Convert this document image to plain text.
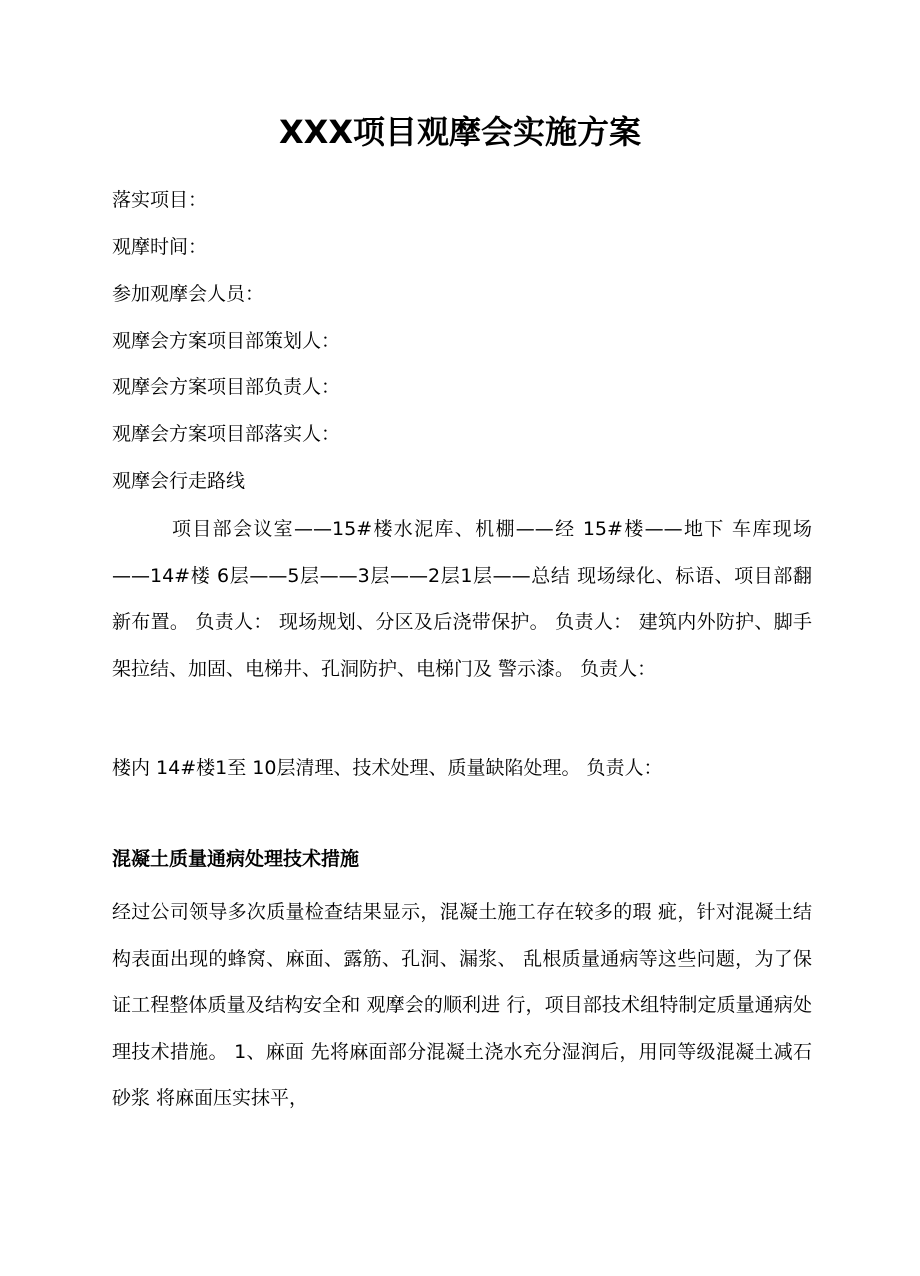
XXX项目观摩会实施方案
落实项目：
观摩时间：
参加观摩会人员：
观摩会方案项目部策划人：
观摩会方案项目部负责人：
观摩会方案项目部落实人：
观摩会行走路线
项目部会议室——15#楼水泥库、机棚——经 15#楼——地下 车库现场——14#楼 6层——5层——3层——2层1层——总结 现场绿化、标语、项目部翻新布置。 负责人： 现场规划、分区及后浇带保护。 负责人： 建筑内外防护、脚手架拉结、加固、电梯井、孔洞防护、电梯门及 警示漆。 负责人：
楼内 14#楼1至 10层清理、技术处理、质量缺陷处理。 负责人：
混凝土质量通病处理技术措施
经过公司领导多次质量检查结果显示，混凝土施工存在较多的瑕 疵，针对混凝土结构表面出现的蜂窝、麻面、露筋、孔洞、漏浆、 乱根质量通病等这些问题，为了保证工程整体质量及结构安全和 观摩会的顺利进 行，项目部技术组特制定质量通病处理技术措施。 1、麻面 先将麻面部分混凝土浇水充分湿润后，用同等级混凝土减石砂浆 将麻面压实抹平，
